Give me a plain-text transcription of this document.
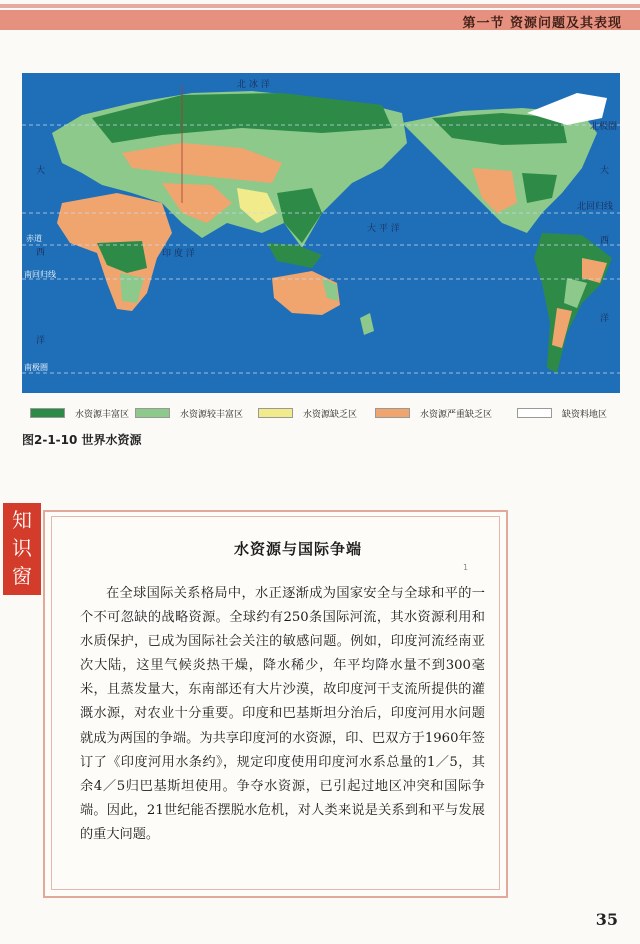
第一节 资源问题及其表现
北 冰 洋
北极圈
北回归线
赤道
南回归线
南极圈
大
西
洋
印 度 洋
大 平 洋
大
西
洋
水资源丰富区	水资源较丰富区	水资源缺乏区	水资源严重缺乏区	缺资料地区
图2-1-10 世界水资源
知
识
窗
水资源与国际争端
1
在全球国际关系格局中，水正逐渐成为国家安全与全球和平的一个不可忽缺的战略资源。全球约有250条国际河流，其水资源利用和水质保护，已成为国际社会关注的敏感问题。例如，印度河流经南亚次大陆，这里气候炎热干燥，降水稀少，年平均降水量不到300毫米，且蒸发量大，东南部还有大片沙漠，故印度河干支流所提供的灌溉水源，对农业十分重要。印度和巴基斯坦分治后，印度河用水问题就成为两国的争端。为共享印度河的水资源，印、巴双方于1960年签订了《印度河用水条约》，规定印度使用印度河水系总量的1／5，其余4／5归巴基斯坦使用。争夺水资源，已引起过地区冲突和国际争端。因此，21世纪能否摆脱水危机，对人类来说是关系到和平与发展的重大问题。
35
